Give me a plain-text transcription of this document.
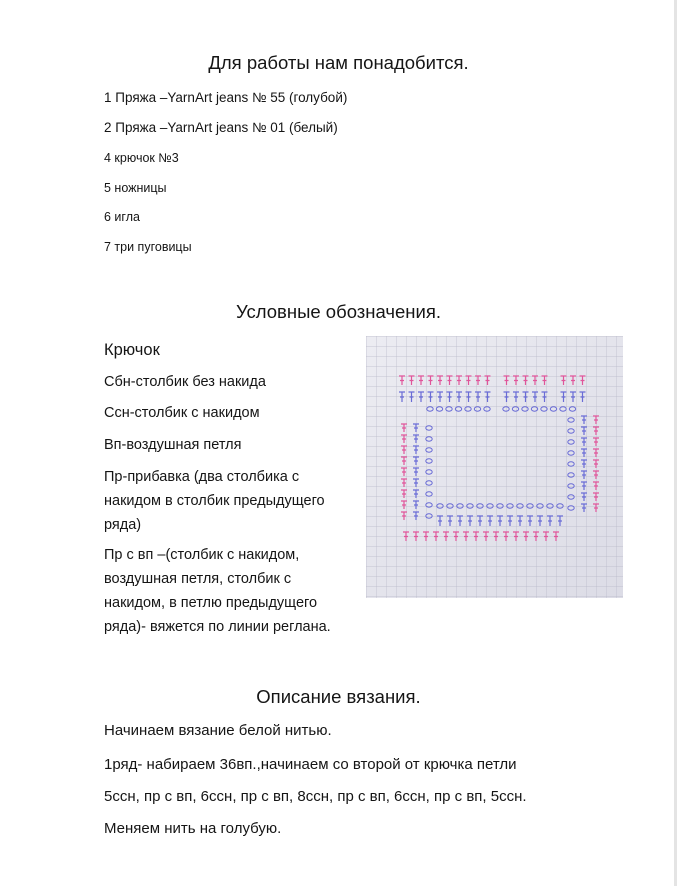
Для работы нам понадобится.
1 Пряжа –YarnArt jeans № 55 (голубой)
2 Пряжа –YarnArt jeans № 01 (белый)
4 крючок №3
5 ножницы
6 игла
7 три пуговицы
Условные обозначения.
Крючок
Сбн-столбик без накида
Ссн-столбик с накидом
Вп-воздушная петля
Пр-прибавка (два столбика с
накидом в столбик предыдущего
ряда)
Пр с вп –(столбик с накидом,
воздушная петля, столбик с
накидом, в петлю предыдущего
ряда)- вяжется по линии реглана.
Описание вязания.
Начинаем вязание белой нитью.
1ряд- набираем 36вп.,начинаем со второй от крючка петли
5ссн, пр с вп, 6ссн, пр с вп, 8ссн, пр с вп, 6ссн, пр с вп, 5ссн.
Меняем нить на голубую.
